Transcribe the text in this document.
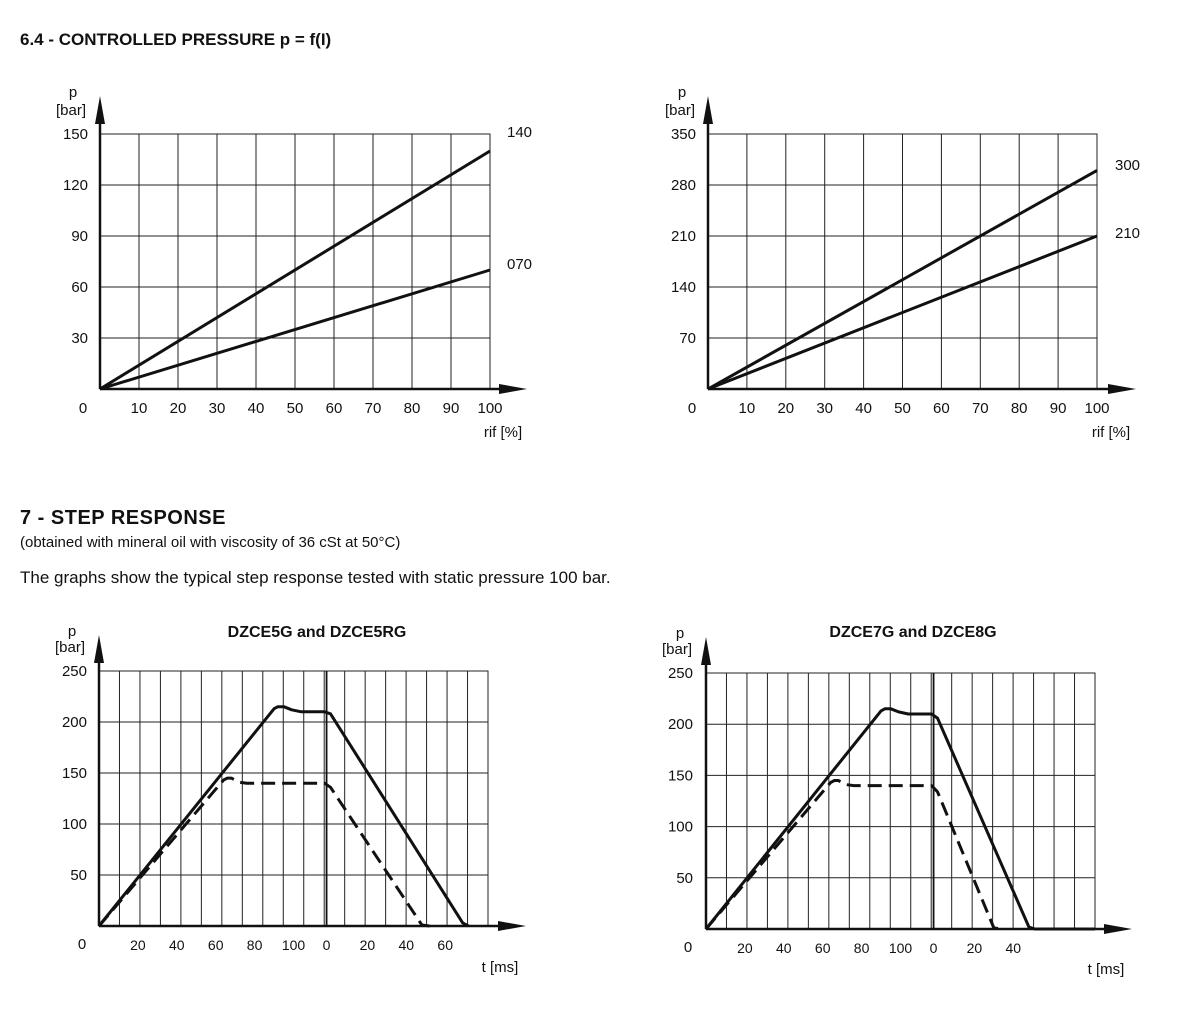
6.4 - CONTROLLED PRESSURE p = f(I)
7 - STEP RESPONSE
(obtained with mineral oil with viscosity of 36 cSt at 50°C)
The graphs show the typical step response tested with static pressure 100 bar.
p
[bar]
rif [%]
0	10 20 30 40 50 60 70 80 90 100
30
60
90
120
150	140
070
p
[bar]
rif [%]
0	10 20 30 40 50 60 70 80 90 100
70
140
210
280
350
300
210
p
[bar]
t [ms]
0
DZCE5G and DZCE5RG
20 40 60 80 100 0 20 40 60
50
100
150
200
250
p
[bar]
t [ms]
0
DZCE7G and DZCE8G
20 40 60 80 100 0 20 40
50
100
150
200
250
